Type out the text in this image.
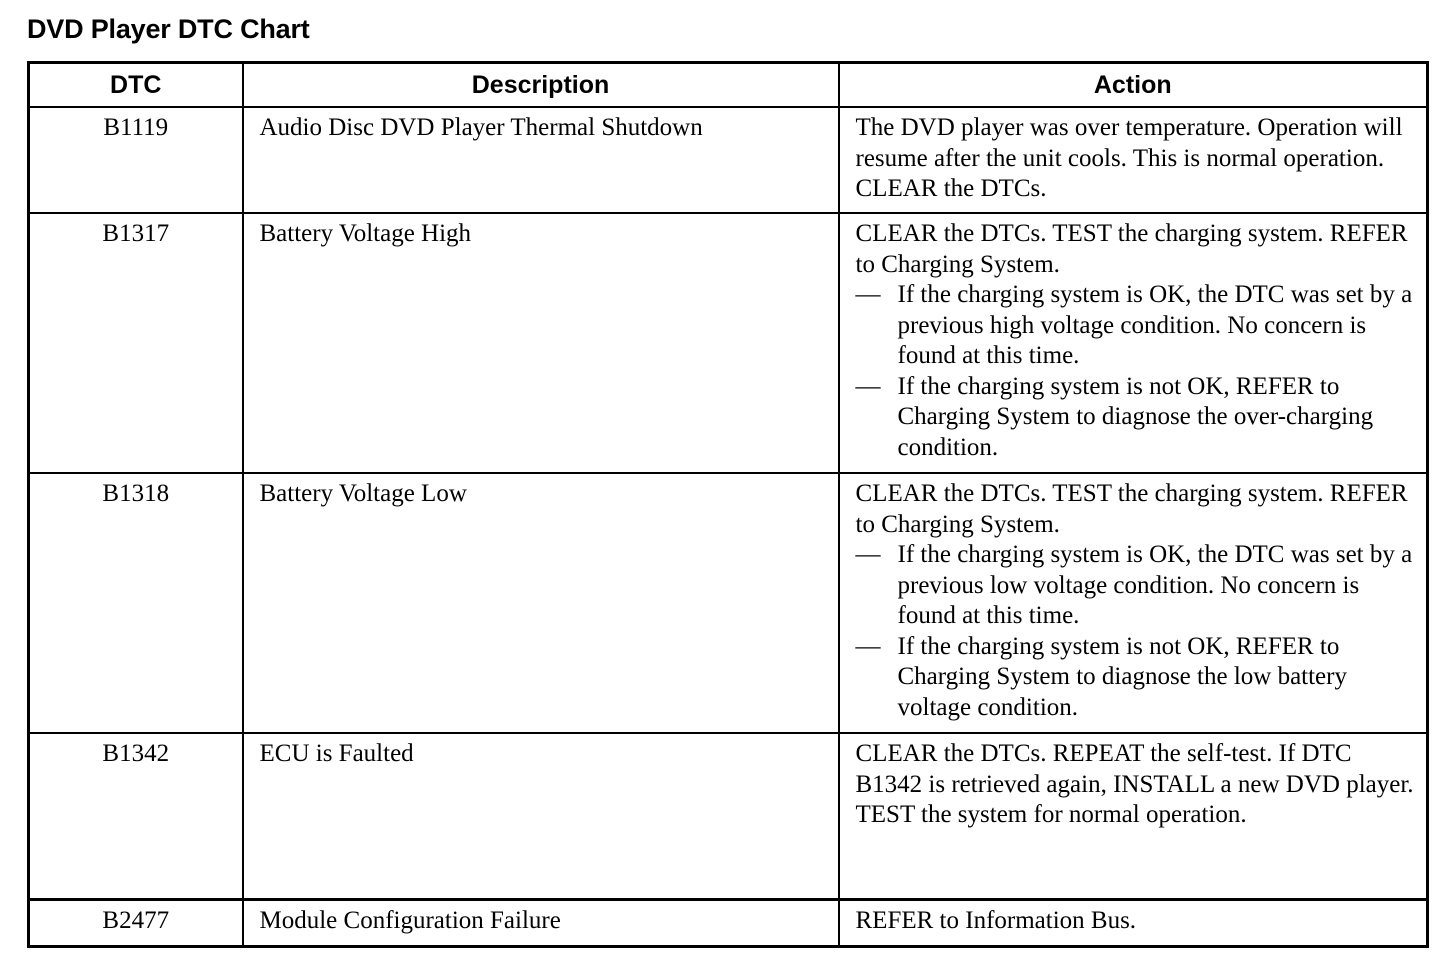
DVD Player DTC Chart
DTC	Description	Action
B1119	Audio Disc DVD Player Thermal Shutdown	The DVD player was over temperature. Operation will resume after the unit cools. This is normal operation. CLEAR the DTCs.

B1317	Battery Voltage High	CLEAR the DTCs. TEST the charging system. REFER to Charging System.
— If the charging system is OK, the DTC was set by a previous high voltage condition. No concern is found at this time.
— If the charging system is not OK, REFER to Charging System to diagnose the over-charging condition.

B1318	Battery Voltage Low	CLEAR the DTCs. TEST the charging system. REFER to Charging System.
— If the charging system is OK, the DTC was set by a previous low voltage condition. No concern is found at this time.
— If the charging system is not OK, REFER to Charging System to diagnose the low battery voltage condition.

B1342	ECU is Faulted	CLEAR the DTCs. REPEAT the self-test. If DTC B1342 is retrieved again, INSTALL a new DVD player. TEST the system for normal operation.

B2477	Module Configuration Failure	REFER to Information Bus.
